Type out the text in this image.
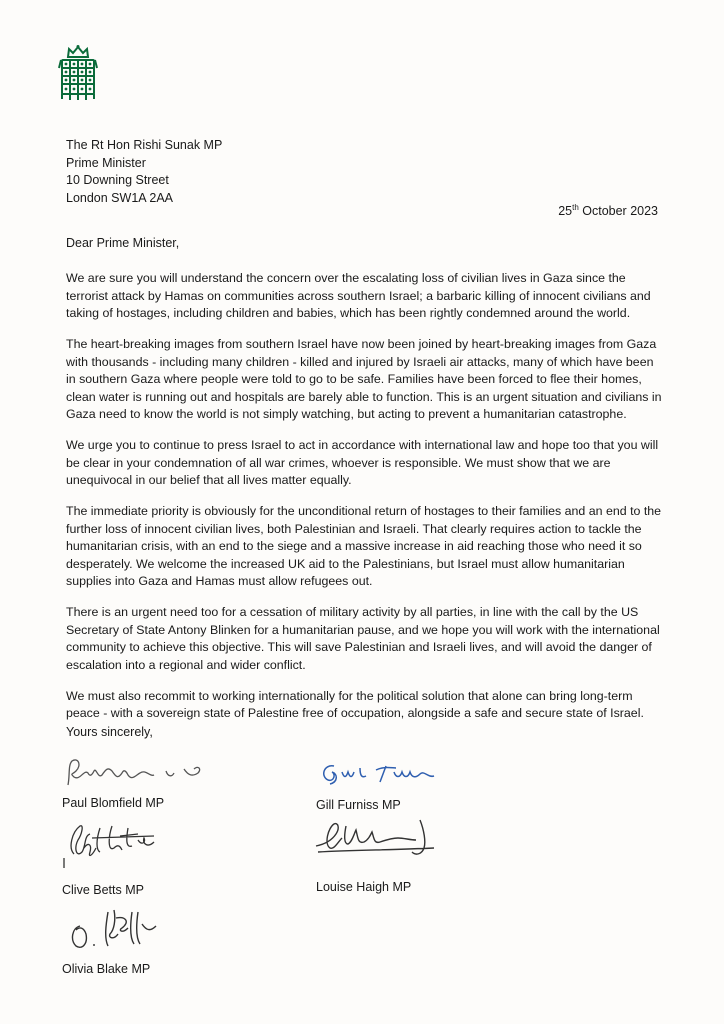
The Rt Hon Rishi Sunak MP
Prime Minister
10 Downing Street
London SW1A 2AA
25th October 2023
Dear Prime Minister,

We are sure you will understand the concern over the escalating loss of civilian lives in Gaza since the terrorist attack by Hamas on communities across southern Israel; a barbaric killing of innocent civilians and taking of hostages, including children and babies, which has been rightly condemned around the world.

The heart-breaking images from southern Israel have now been joined by heart-breaking images from Gaza with thousands - including many children - killed and injured by Israeli air attacks, many of which have been in southern Gaza where people were told to go to be safe. Families have been forced to flee their homes, clean water is running out and hospitals are barely able to function. This is an urgent situation and civilians in Gaza need to know the world is not simply watching, but acting to prevent a humanitarian catastrophe.

We urge you to continue to press Israel to act in accordance with international law and hope too that you will be clear in your condemnation of all war crimes, whoever is responsible. We must show that we are unequivocal in our belief that all lives matter equally.

The immediate priority is obviously for the unconditional return of hostages to their families and an end to the further loss of innocent civilian lives, both Palestinian and Israeli. That clearly requires action to tackle the humanitarian crisis, with an end to the siege and a massive increase in aid reaching those who need it so desperately. We welcome the increased UK aid to the Palestinians, but Israel must allow humanitarian supplies into Gaza and Hamas must allow refugees out.

There is an urgent need too for a cessation of military activity by all parties, in line with the call by the US Secretary of State Antony Blinken for a humanitarian pause, and we hope you will work with the international community to achieve this objective. This will save Palestinian and Israeli lives, and will avoid the danger of escalation into a regional and wider conflict.

We must also recommit to working internationally for the political solution that alone can bring long-term peace - with a sovereign state of Palestine free of occupation, alongside a safe and secure state of Israel.

Yours sincerely,
Paul Blomfield MP	Gill Furniss MP
Clive Betts MP	Louise Haigh MP
Olivia Blake MP
